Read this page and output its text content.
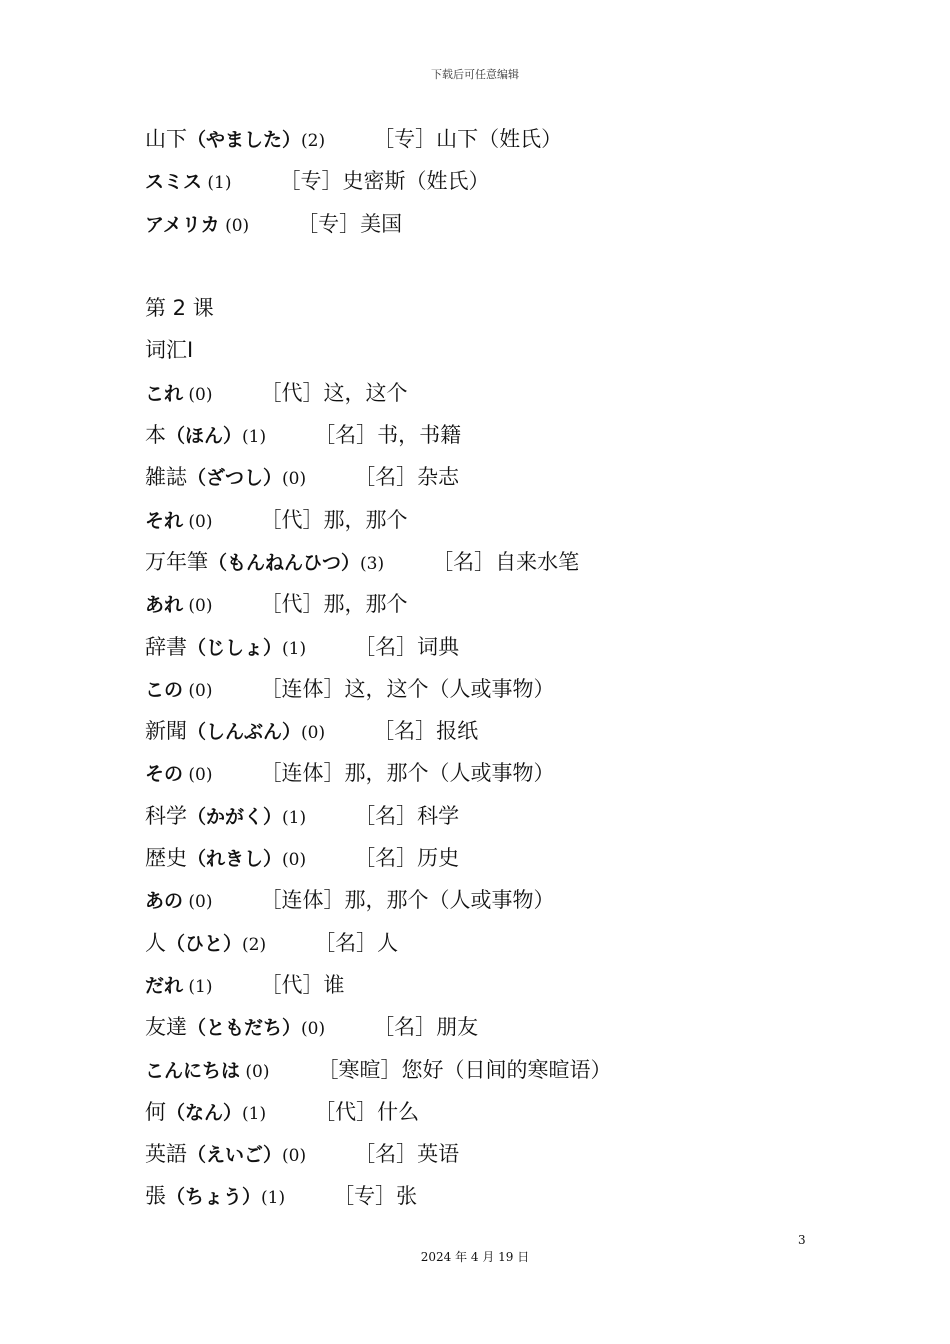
下载后可任意编辑
山下（やました）(2) ［专］山下（姓氏）
スミス (1) ［专］史密斯（姓氏）
アメリカ (0) ［专］美国
第 2 课
词汇Ⅰ
これ (0) ［代］这，这个
本（ほん）(1) ［名］书，书籍
雑誌（ざつし）(0) ［名］杂志
それ (0) ［代］那，那个
万年筆（もんねんひつ）(3) ［名］自来水笔
あれ (0) ［代］那，那个
辞書（じしょ）(1) ［名］词典
この (0) ［连体］这，这个（人或事物）
新聞（しんぶん）(0) ［名］报纸
その (0) ［连体］那，那个（人或事物）
科学（かがく）(1) ［名］科学
歴史（れきし）(0) ［名］历史
あの (0) ［连体］那，那个（人或事物）
人（ひと）(2) ［名］人
だれ (1) ［代］谁
友達（ともだち）(0) ［名］朋友
こんにちは (0) ［寒暄］您好（日间的寒暄语）
何（なん）(1) ［代］什么
英語（えいご）(0) ［名］英语
張（ちょう）(1) ［专］张
3
2024 年 4 月 19 日
